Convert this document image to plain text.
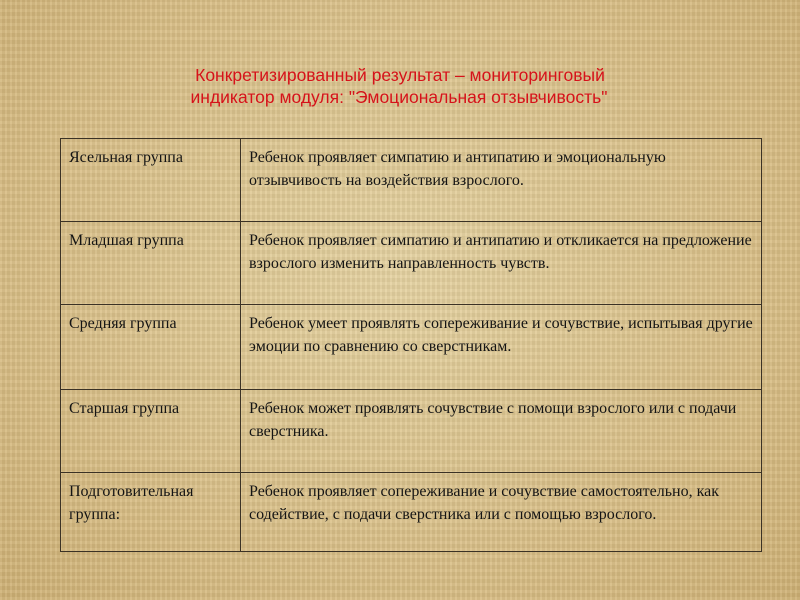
Конкретизированный результат – мониторинговый
индикатор модуля: "Эмоциональная отзывчивость"
Ясельная группа	Ребенок проявляет симпатию и антипатию и эмоциональную отзывчивость на воздействия взрослого.
Младшая группа	Ребенок проявляет симпатию и антипатию и откликается на предложение взрослого изменить направленность чувств.
Средняя группа	Ребенок умеет проявлять сопереживание и сочувствие, испытывая другие эмоции по сравнению со сверстникам.
Старшая группа	Ребенок может проявлять сочувствие с помощи взрослого или с подачи сверстника.
Подготовительная группа:	Ребенок проявляет сопереживание и сочувствие самостоятельно, как содействие, с подачи сверстника или с помощью взрослого.
